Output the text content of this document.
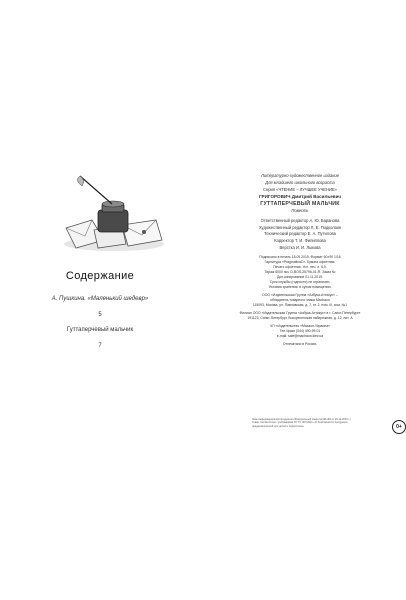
Содержание
А. Пушкина. «Маленький шедевр»
5
Гуттаперчевый мальчик
7
Литературно-художественное издание
Для младшего школьного возраста
Серия «ЧТЕНИЕ – ЛУЧШЕЕ УЧЕНИЕ»
ГРИГОРОВИЧ Дмитрий Васильевич
ГУТТАПЕРЧЕВЫЙ МАЛЬЧИК
Повесть
Ответственный редактор А. Ю. Баранова
Художественный редактор Л. Е. Подколзин
Технический редактор Е. А. Путилова
Корректор Т. И. Филиппова
Верстка И. И. Лыкова
Подписано в печать 18.09.2019. Формат 60×90 1/16
Гарнитура «PragmaticaC». Бумага офсетная.
Печать офсетная. Усл. печ. л. 6,0.
Тираж 6000 экз. D-BOS-25796-01-R. Заказ №
Доп.копирование 01.11.2019.
Срок службы (годности) не ограничен.
Условия хранения: в сухом помещении.
ООО «Издательская Группа «Азбука-Аттикус» –
обладатель товарного знака Machaon
115093, Москва, ул. Павловская, д. 7, эт. 2, пом. III, ком. №1
Филиал ООО «Издательская Группа «Азбука-Аттикус» в г. Санкт-Петербурге
191123, Санкт-Петербург, Воскресенская набережная, д. 12, лит. А
ЧП «Издательство «Махаон-Украина»
Тел./факс (044) 490-99-01
e-mail: sale@machaon.kiev.ua
Отпечатано в России.
Знак информационной продукции (Федеральный закон №436-ФЗ от 29.12.2010 г.)
Товар соответствует требованиям ТР ТС 007/2011 «О безопасности продукции,
предназначенной для детей и подростков»	0+
